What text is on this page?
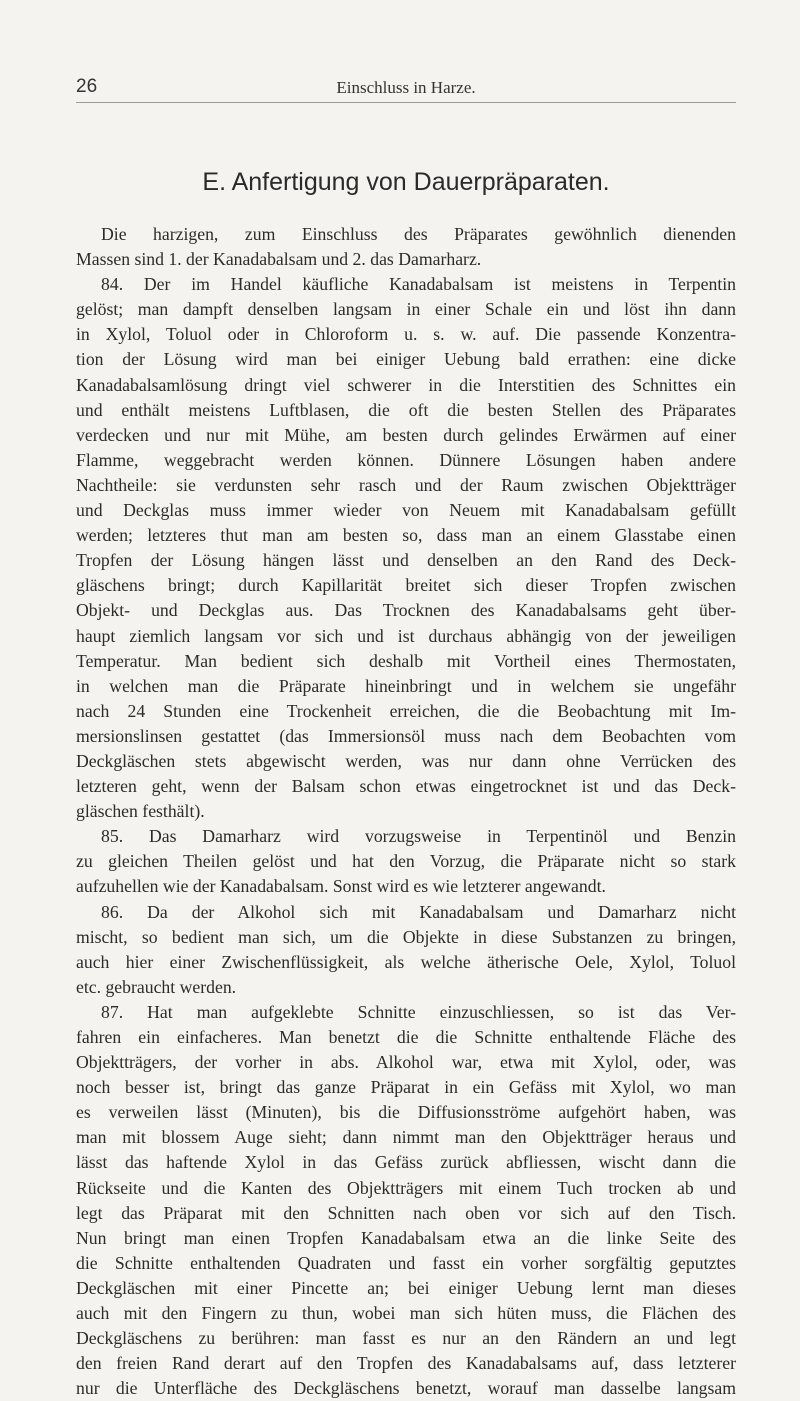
26	Einschluss in Harze.
E. Anfertigung von Dauerpräparaten.
Die harzigen, zum Einschluss des Präparates gewöhnlich dienenden
Massen sind 1. der Kanadabalsam und 2. das Damarharz.
84. Der im Handel käufliche Kanadabalsam ist meistens in Terpentin
gelöst; man dampft denselben langsam in einer Schale ein und löst ihn dann
in Xylol, Toluol oder in Chloroform u. s. w. auf. Die passende Konzentra-
tion der Lösung wird man bei einiger Uebung bald errathen: eine dicke
Kanadabalsamlösung dringt viel schwerer in die Interstitien des Schnittes ein
und enthält meistens Luftblasen, die oft die besten Stellen des Präparates
verdecken und nur mit Mühe, am besten durch gelindes Erwärmen auf einer
Flamme, weggebracht werden können. Dünnere Lösungen haben andere
Nachtheile: sie verdunsten sehr rasch und der Raum zwischen Objektträger
und Deckglas muss immer wieder von Neuem mit Kanadabalsam gefüllt
werden; letzteres thut man am besten so, dass man an einem Glasstabe einen
Tropfen der Lösung hängen lässt und denselben an den Rand des Deck-
gläschens bringt; durch Kapillarität breitet sich dieser Tropfen zwischen
Objekt- und Deckglas aus. Das Trocknen des Kanadabalsams geht über-
haupt ziemlich langsam vor sich und ist durchaus abhängig von der jeweiligen
Temperatur. Man bedient sich deshalb mit Vortheil eines Thermostaten,
in welchen man die Präparate hineinbringt und in welchem sie ungefähr
nach 24 Stunden eine Trockenheit erreichen, die die Beobachtung mit Im-
mersionslinsen gestattet (das Immersionsöl muss nach dem Beobachten vom
Deckgläschen stets abgewischt werden, was nur dann ohne Verrücken des
letzteren geht, wenn der Balsam schon etwas eingetrocknet ist und das Deck-
gläschen festhält).
85. Das Damarharz wird vorzugsweise in Terpentinöl und Benzin
zu gleichen Theilen gelöst und hat den Vorzug, die Präparate nicht so stark
aufzuhellen wie der Kanadabalsam. Sonst wird es wie letzterer angewandt.
86. Da der Alkohol sich mit Kanadabalsam und Damarharz nicht
mischt, so bedient man sich, um die Objekte in diese Substanzen zu bringen,
auch hier einer Zwischenflüssigkeit, als welche ätherische Oele, Xylol, Toluol
etc. gebraucht werden.
87. Hat man aufgeklebte Schnitte einzuschliessen, so ist das Ver-
fahren ein einfacheres. Man benetzt die die Schnitte enthaltende Fläche des
Objektträgers, der vorher in abs. Alkohol war, etwa mit Xylol, oder, was
noch besser ist, bringt das ganze Präparat in ein Gefäss mit Xylol, wo man
es verweilen lässt (Minuten), bis die Diffusionsströme aufgehört haben, was
man mit blossem Auge sieht; dann nimmt man den Objektträger heraus und
lässt das haftende Xylol in das Gefäss zurück abfliessen, wischt dann die
Rückseite und die Kanten des Objektträgers mit einem Tuch trocken ab und
legt das Präparat mit den Schnitten nach oben vor sich auf den Tisch.
Nun bringt man einen Tropfen Kanadabalsam etwa an die linke Seite des
die Schnitte enthaltenden Quadraten und fasst ein vorher sorgfältig geputztes
Deckgläschen mit einer Pincette an; bei einiger Uebung lernt man dieses
auch mit den Fingern zu thun, wobei man sich hüten muss, die Flächen des
Deckgläschens zu berühren: man fasst es nur an den Rändern an und legt
den freien Rand derart auf den Tropfen des Kanadabalsams auf, dass letzterer
nur die Unterfläche des Deckgläschens benetzt, worauf man dasselbe langsam
